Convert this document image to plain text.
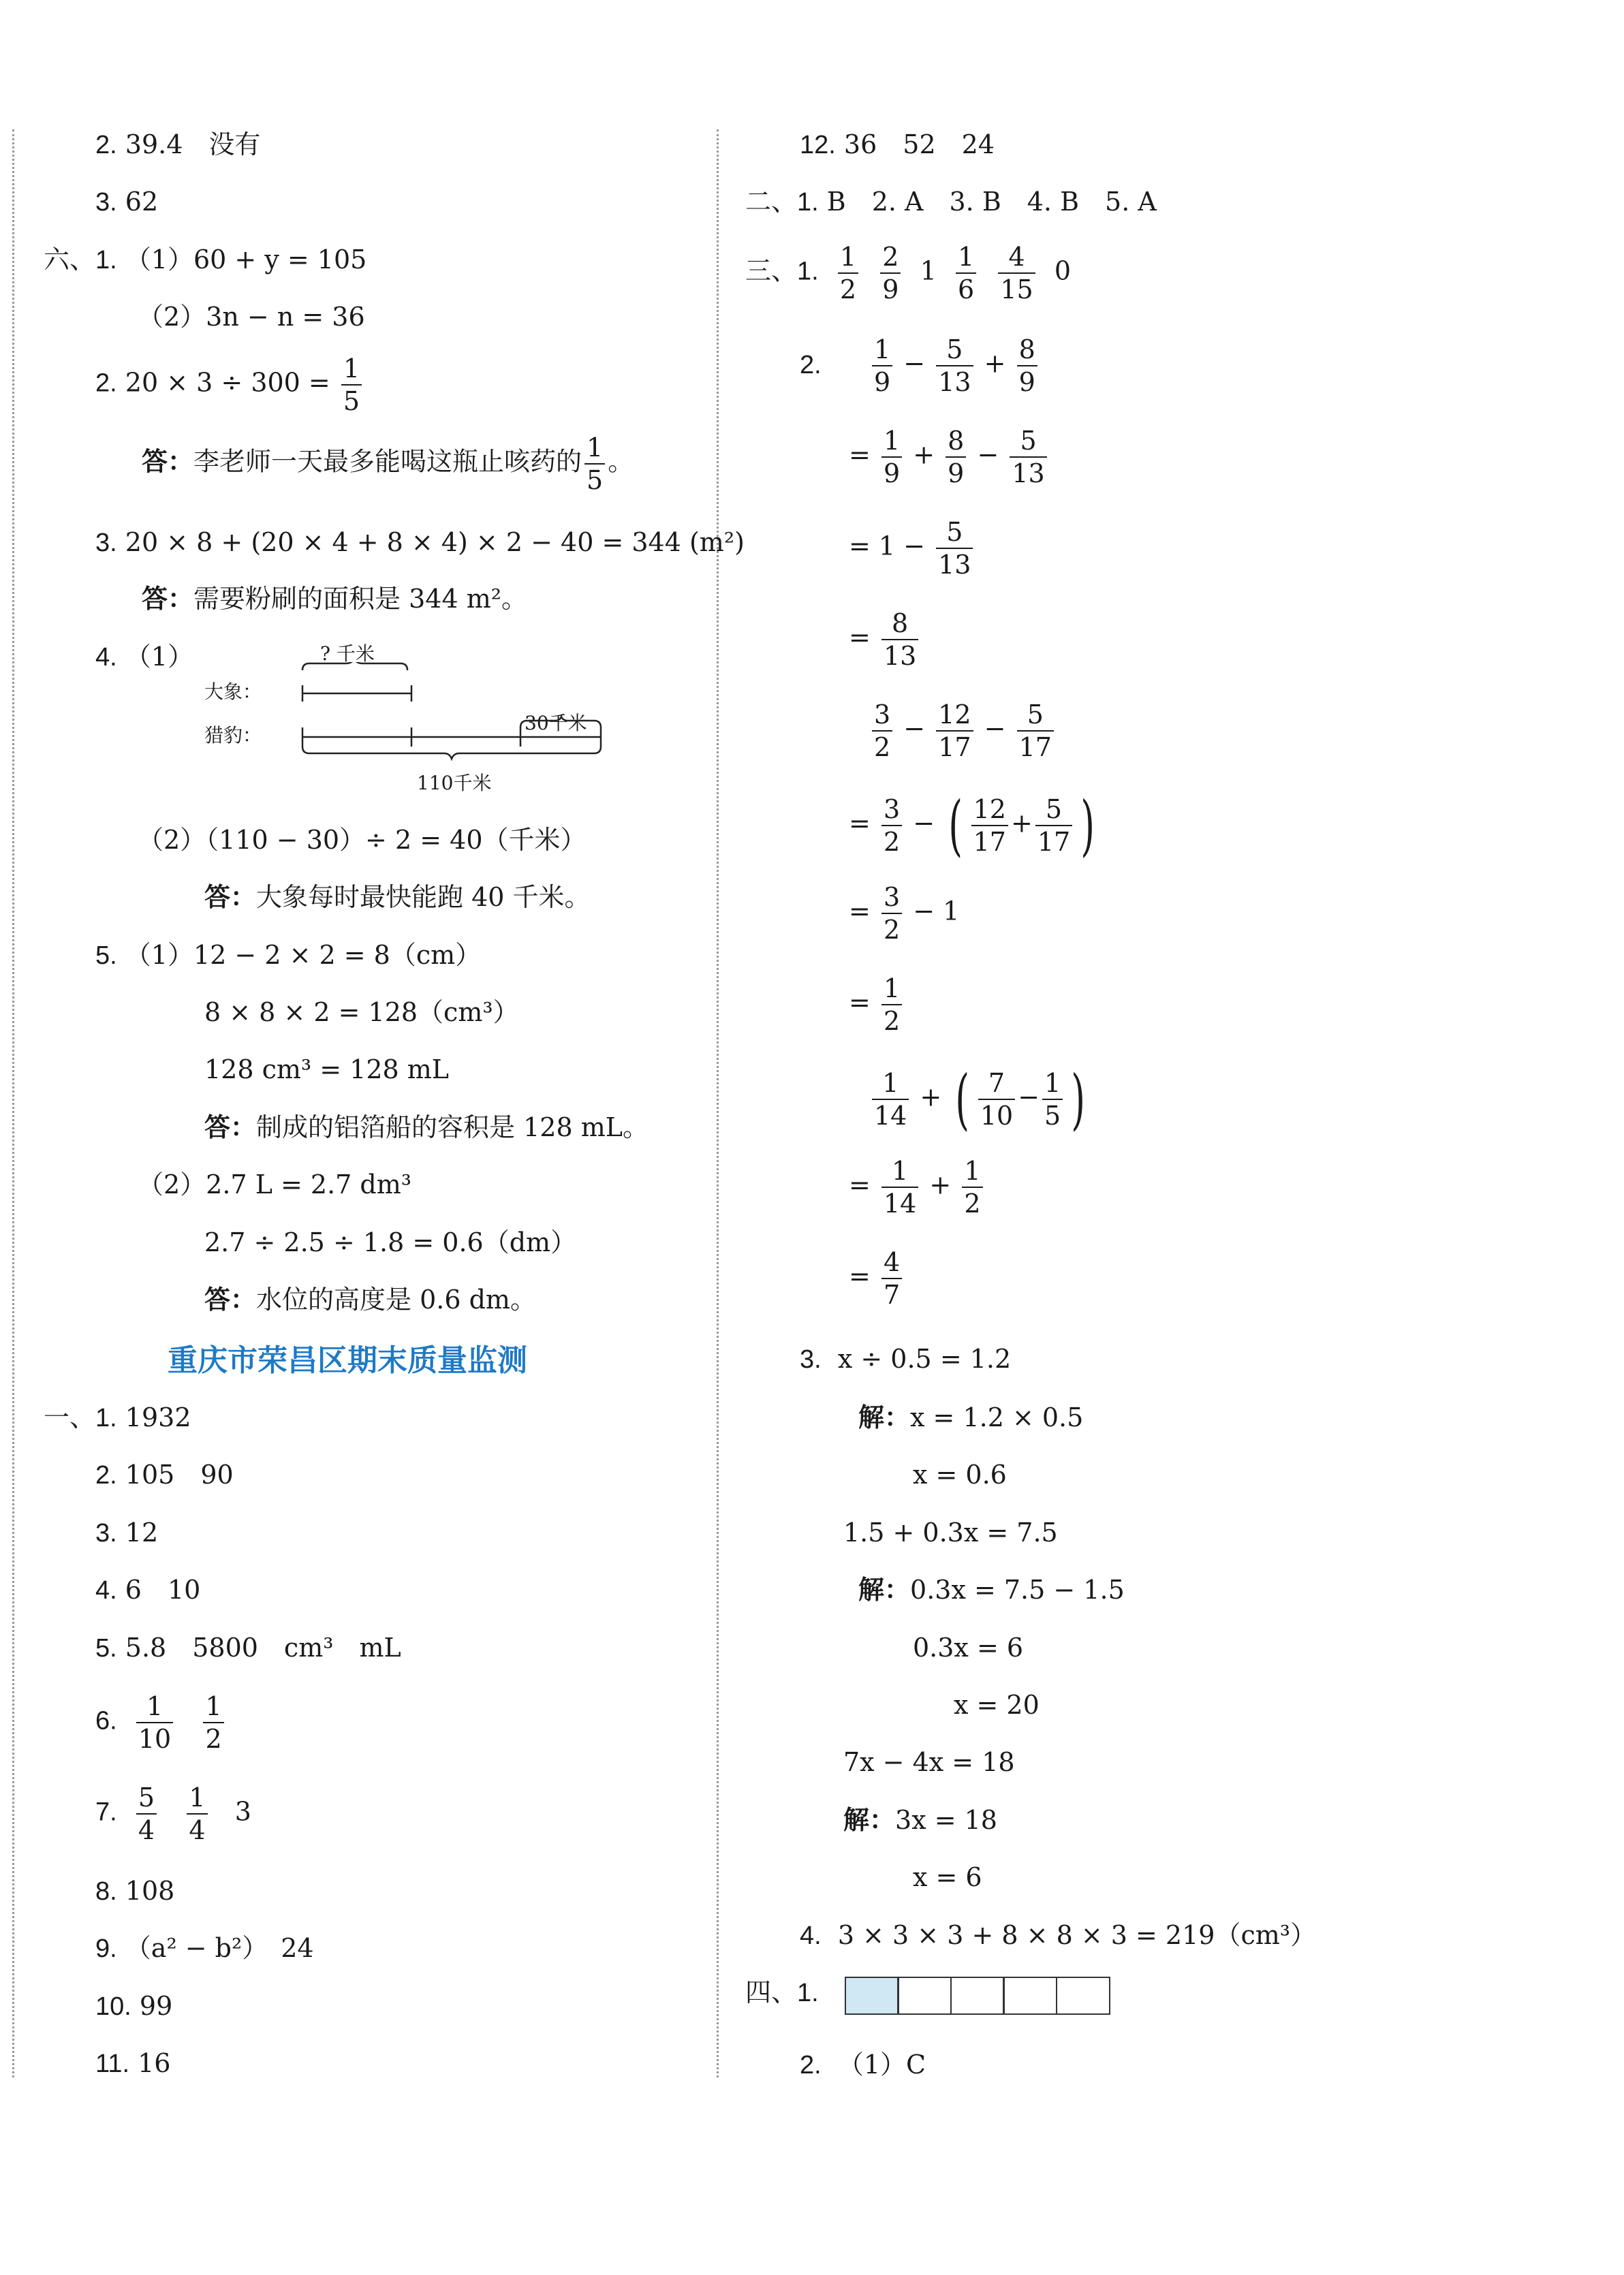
2. 39.4　没有
3. 62
六、1. （1）60 + y = 105
（2）3n − n = 36
2. $20 \times 3 \div 300 = \frac{1}{5}$
答：李老师一天最多能喝这瓶止咳药的 $\frac{1}{5}$ 。
3. 20 × 8 + (20 × 4 + 8 × 4) × 2 − 40 = 344 (m²)
答：需要粉刷的面积是 344 m²。
4. （1）	? 千米
大象：
猎豹：
30千米
110千米
（2）（110 − 30）÷ 2 = 40（千米）
答：大象每时最快能跑 40 千米。
5. （1）12 − 2 × 2 = 8（cm）
8 × 8 × 2 = 128（cm³）
128 cm³ = 128 mL
答：制成的铝箔船的容积是 128 mL。
（2）2.7 L = 2.7 dm³
2.7 ÷ 2.5 ÷ 1.8 = 0.6（dm）
答：水位的高度是 0.6 dm。
重庆市荣昌区期末质量监测
一、1. 1932
2. 105　90
3. 12
4. 6　10
5. 5.8　5800　cm³　mL
6. $\frac{1}{10}$
$\frac{1}{2}$
7. $\frac{5}{4}$
$\frac{1}{4} 3$
8. 108
9. （a² − b²）　24
10. 99
11. 16
12. 36　52　24
二、1. B　2. A　3. B　4. B　5. A
三、1. $\frac{1}{2}$
$\frac{2}{9} 1 \frac{1}{6}$
$\frac{4}{15} 0$
2. $\frac{1}{9} - \frac{5}{13} + \frac{8}{9}$
= $\frac{1}{9} + \frac{8}{9} - \frac{5}{13}$
= $1 - \frac{5}{13}$
= $\frac{8}{13}$
$\frac{3}{2} - \frac{12}{17} - \frac{5}{17}$
= $\frac{3}{2}$ − ( $\frac{12}{17} + \frac{5}{17}$ )
= $\frac{3}{2} - 1$
= $\frac{1}{2}$
$\frac{1}{14}$ + ( $\frac{7}{10} - \frac{1}{5}$ )
= $\frac{1}{14} + \frac{1}{2}$
= $\frac{4}{7}$
3. x ÷ 0.5 = 1.2
解：x = 1.2 × 0.5
x = 0.6
1.5 + 0.3x = 7.5
解：0.3x = 7.5 − 1.5
0.3x = 6
x = 20
7x − 4x = 18
解：3x = 18
x = 6
4. 3 × 3 × 3 + 8 × 8 × 3 = 219（cm³）
四、1.
2. （1）C
